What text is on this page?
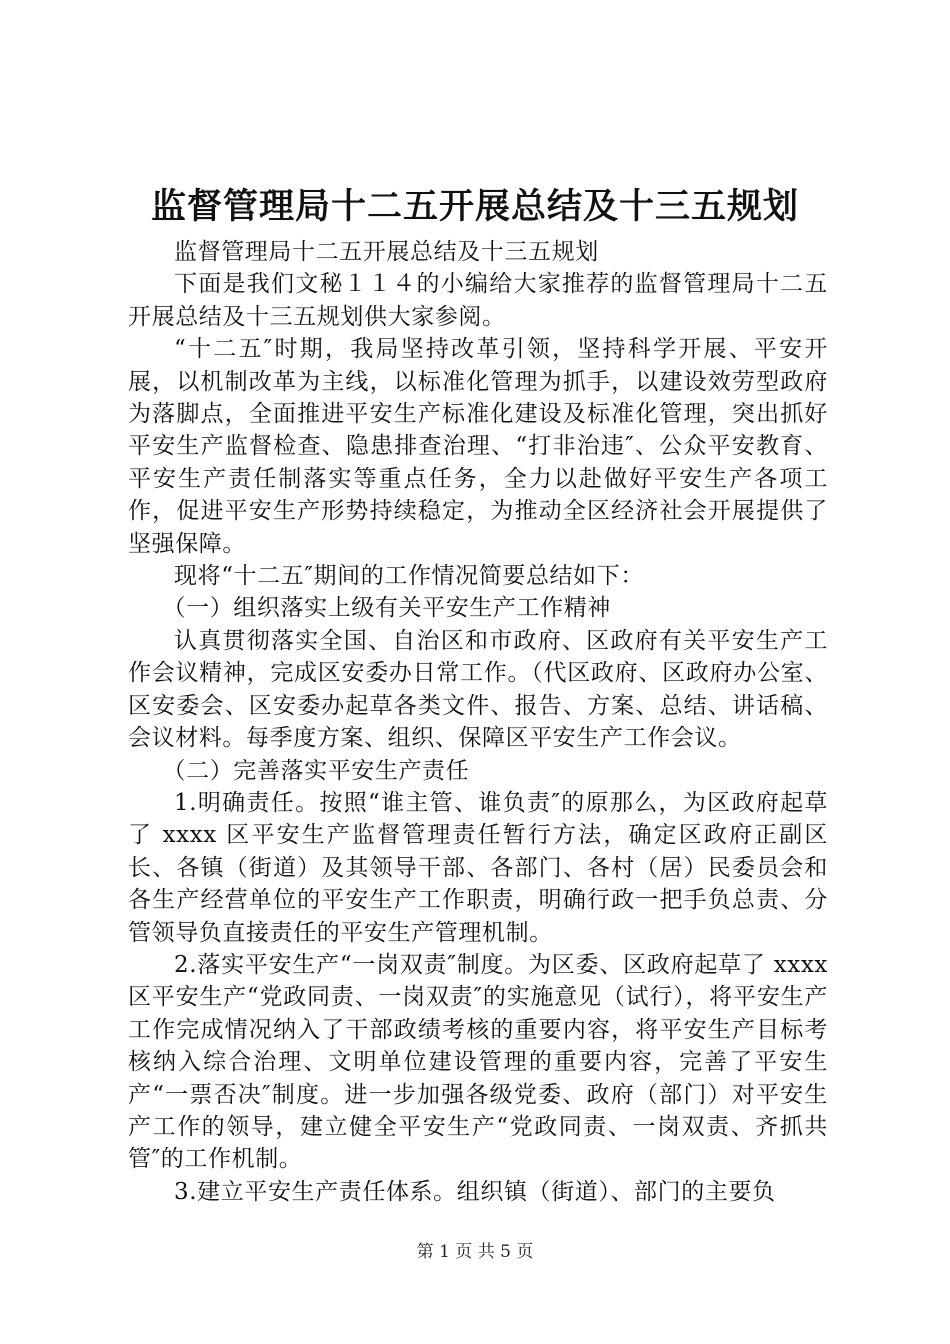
监督管理局十二五开展总结及十三五规划

监督管理局十二五开展总结及十三五规划

下面是我们文秘１１４的小编给大家推荐的监督管理局十二五开展总结及十三五规划供大家参阅。

“十二五″时期，我局坚持改革引领，坚持科学开展、平安开展，以机制改革为主线，以标准化管理为抓手，以建设效劳型政府为落脚点，全面推进平安生产标准化建设及标准化管理，突出抓好平安生产监督检查、隐患排查治理、“打非治违″、公众平安教育、平安生产责任制落实等重点任务，全力以赴做好平安生产各项工作，促进平安生产形势持续稳定，为推动全区经济社会开展提供了坚强保障。

现将“十二五″期间的工作情况简要总结如下：

（一）组织落实上级有关平安生产工作精神

认真贯彻落实全国、自治区和市政府、区政府有关平安生产工作会议精神，完成区安委办日常工作。（代区政府、区政府办公室、区安委会、区安委办起草各类文件、报告、方案、总结、讲话稿、会议材料。每季度方案、组织、保障区平安生产工作会议。

（二）完善落实平安生产责任

1.明确责任。按照“谁主管、谁负责″的原那么，为区政府起草了 xxxx 区平安生产监督管理责任暂行方法，确定区政府正副区长、各镇（街道）及其领导干部、各部门、各村（居）民委员会和各生产经营单位的平安生产工作职责，明确行政一把手负总责、分管领导负直接责任的平安生产管理机制。

2.落实平安生产“一岗双责″制度。为区委、区政府起草了 xxxx 区平安生产“党政同责、一岗双责″的实施意见（试行），将平安生产工作完成情况纳入了干部政绩考核的重要内容，将平安生产目标考核纳入综合治理、文明单位建设管理的重要内容，完善了平安生产“一票否决″制度。进一步加强各级党委、政府（部门）对平安生产工作的领导，建立健全平安生产“党政同责、一岗双责、齐抓共管″的工作机制。

3.建立平安生产责任体系。组织镇（街道）、部门的主要负

第 1 页 共 5 页
